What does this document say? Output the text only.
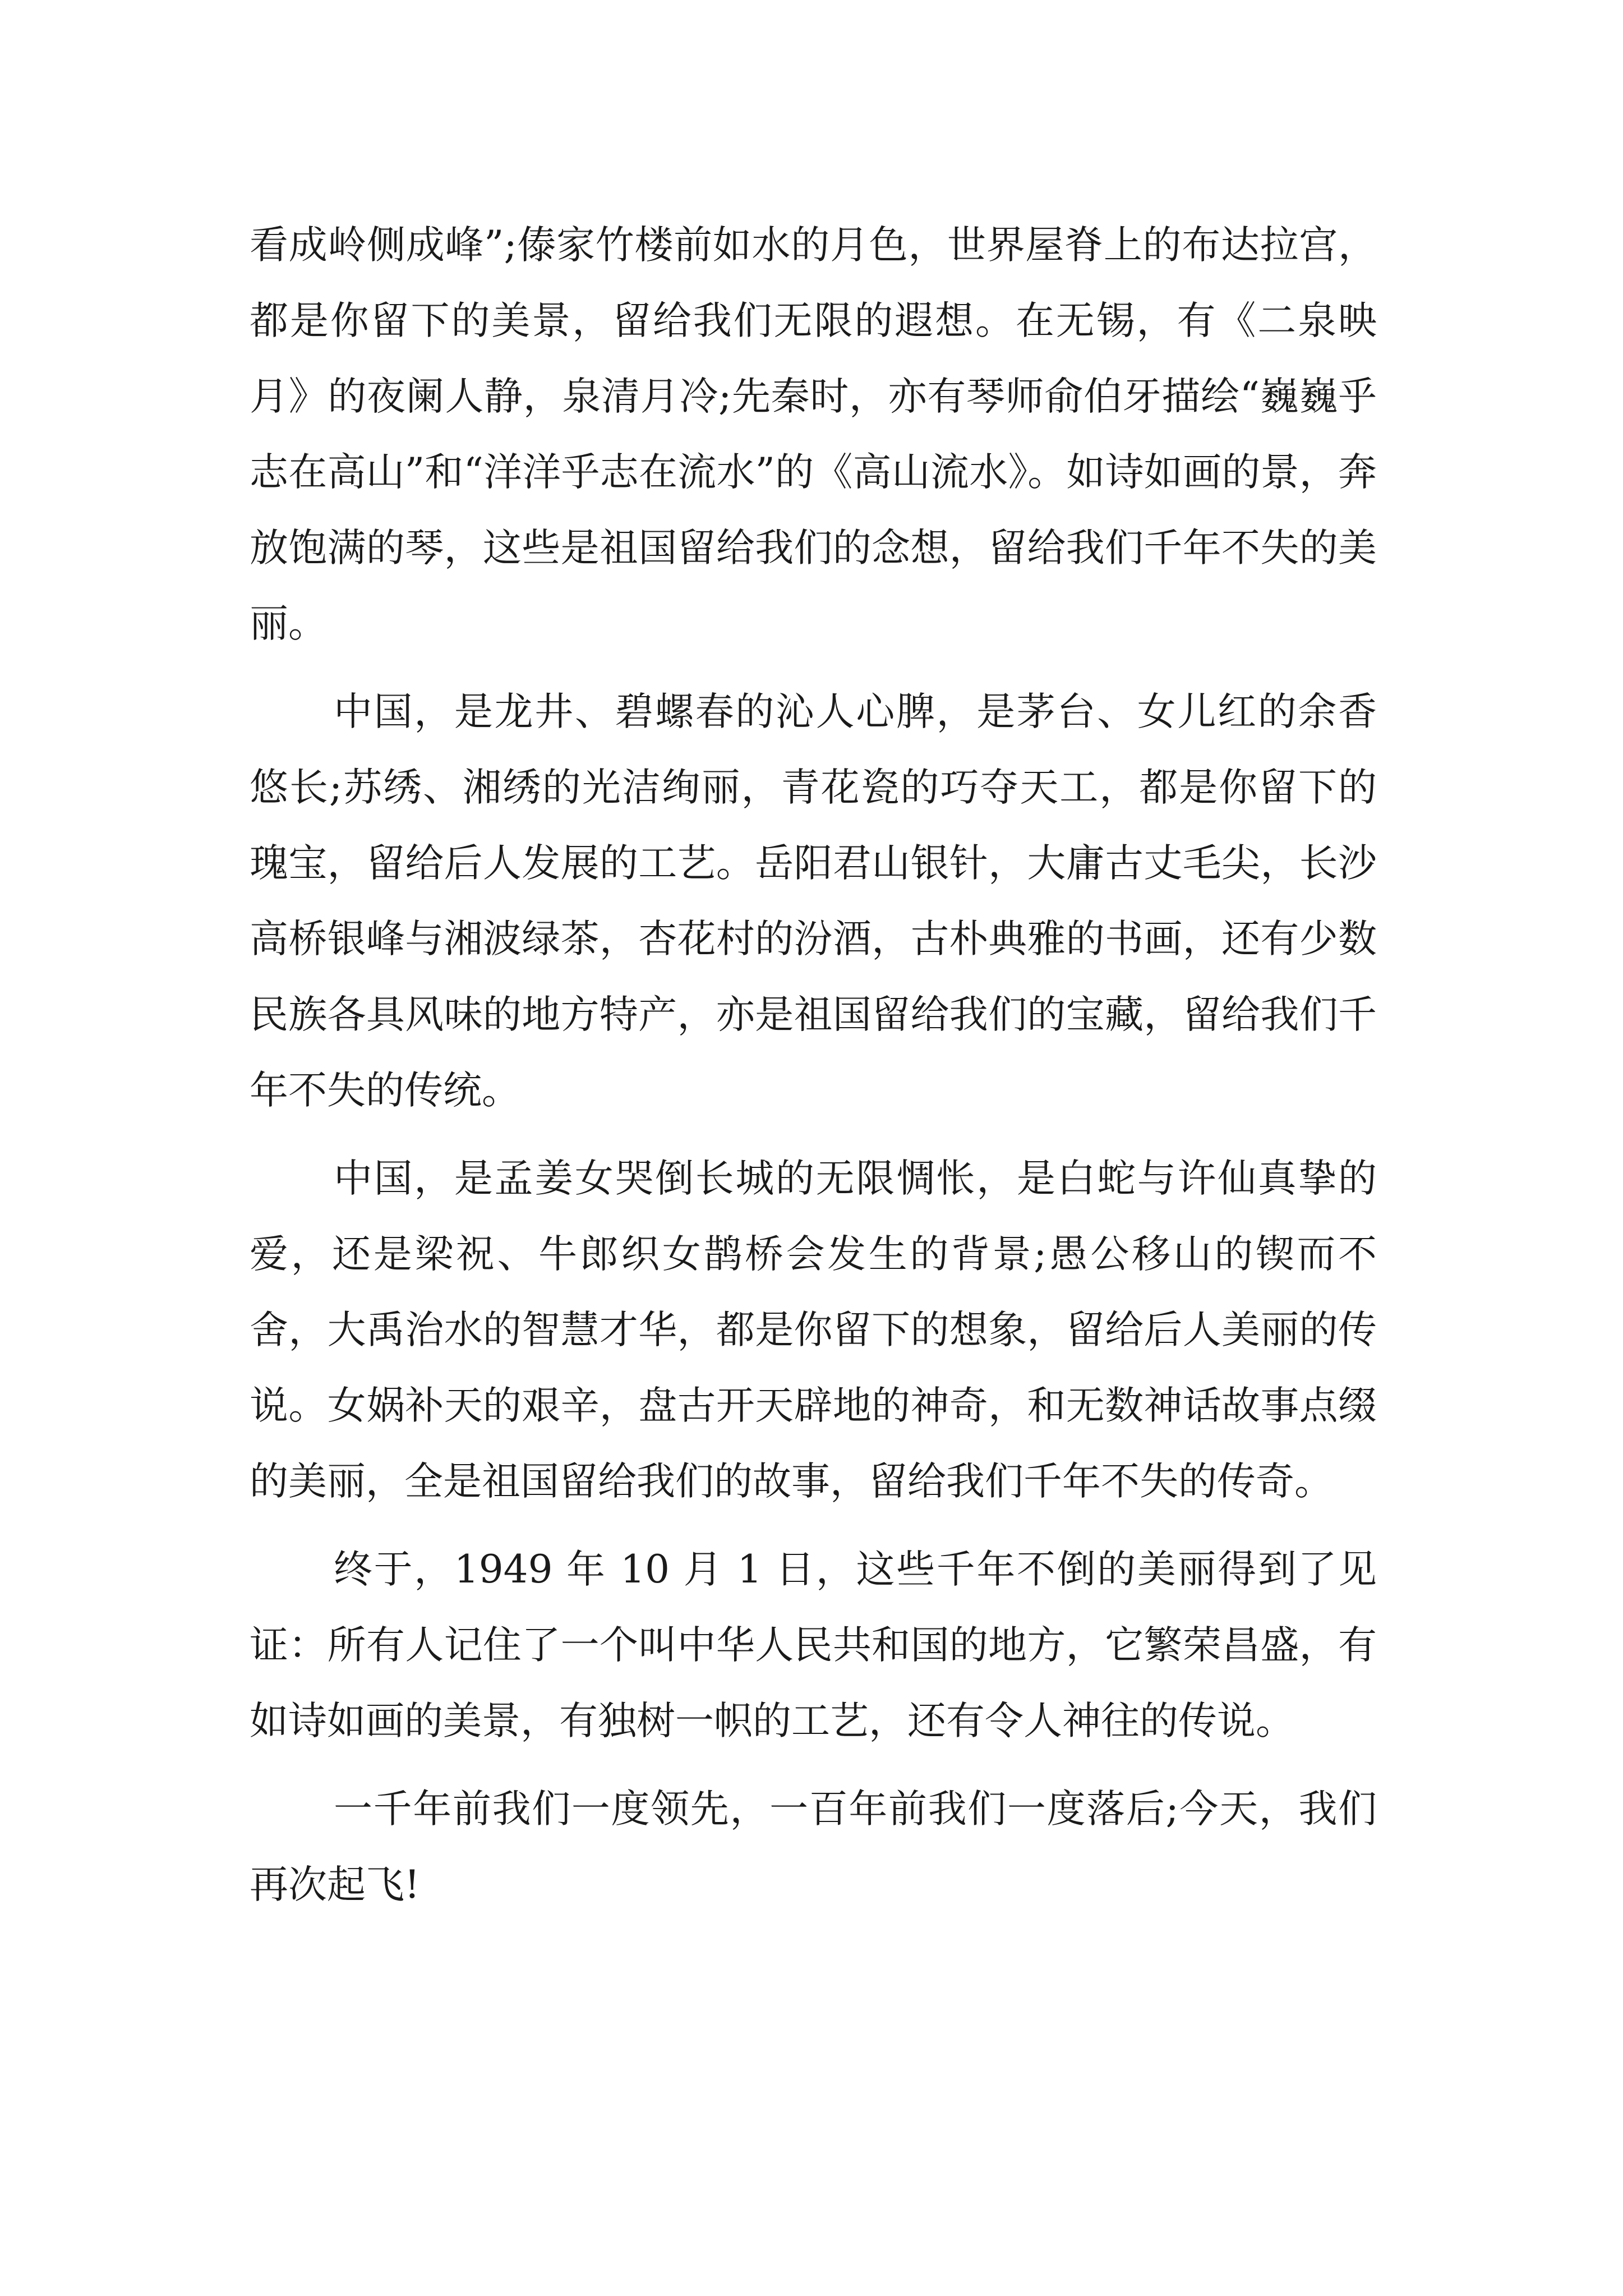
看成岭侧成峰”;傣家竹楼前如水的月色，世界屋脊上的布达拉宫，都是你留下的美景，留给我们无限的遐想。在无锡，有《二泉映月》的夜阑人静，泉清月冷;先秦时，亦有琴师俞伯牙描绘“巍巍乎志在高山”和“洋洋乎志在流水”的《高山流水》。如诗如画的景，奔放饱满的琴，这些是祖国留给我们的念想，留给我们千年不失的美丽。

中国，是龙井、碧螺春的沁人心脾，是茅台、女儿红的余香悠长;苏绣、湘绣的光洁绚丽，青花瓷的巧夺天工，都是你留下的瑰宝，留给后人发展的工艺。岳阳君山银针，大庸古丈毛尖，长沙高桥银峰与湘波绿茶，杏花村的汾酒，古朴典雅的书画，还有少数民族各具风味的地方特产，亦是祖国留给我们的宝藏，留给我们千年不失的传统。

中国，是孟姜女哭倒长城的无限惆怅，是白蛇与许仙真挚的爱，还是梁祝、牛郎织女鹊桥会发生的背景;愚公移山的锲而不舍，大禹治水的智慧才华，都是你留下的想象，留给后人美丽的传说。女娲补天的艰辛，盘古开天辟地的神奇，和无数神话故事点缀的美丽，全是祖国留给我们的故事，留给我们千年不失的传奇。

终于，1949 年 10 月 1 日，这些千年不倒的美丽得到了见证：所有人记住了一个叫中华人民共和国的地方，它繁荣昌盛，有如诗如画的美景，有独树一帜的工艺，还有令人神往的传说。

一千年前我们一度领先，一百年前我们一度落后;今天，我们再次起飞!
